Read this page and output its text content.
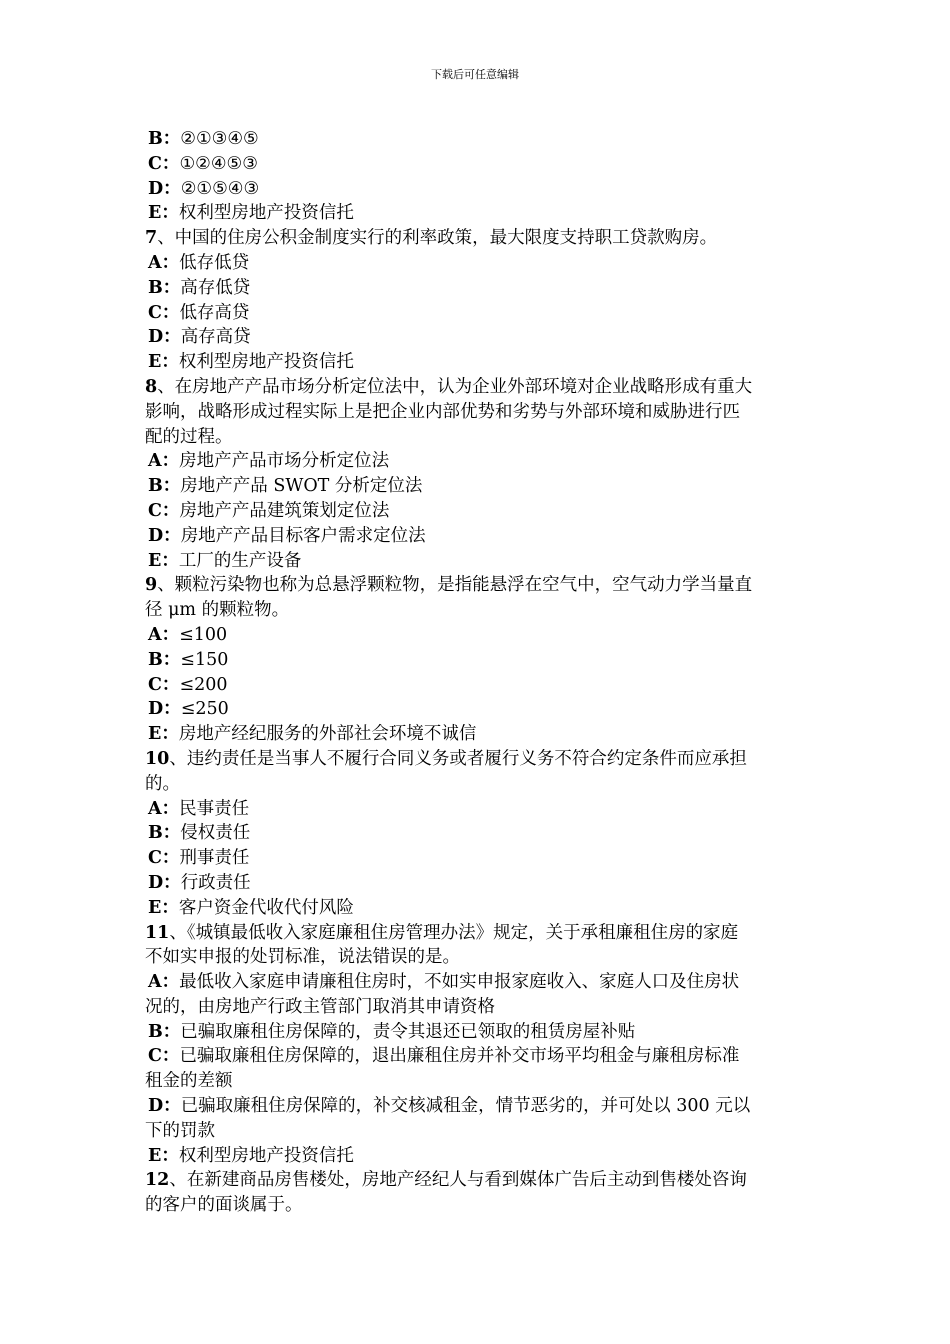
下载后可任意编辑
B：②①③④⑤
C：①②④⑤③
D：②①⑤④③
E：权利型房地产投资信托
7、中国的住房公积金制度实行的利率政策，最大限度支持职工贷款购房。
A：低存低贷
B：高存低贷
C：低存高贷
D：高存高贷
E：权利型房地产投资信托
8、在房地产产品市场分析定位法中，认为企业外部环境对企业战略形成有重大
影响，战略形成过程实际上是把企业内部优势和劣势与外部环境和威胁进行匹
配的过程。
A：房地产产品市场分析定位法
B：房地产产品 SWOT 分析定位法
C：房地产产品建筑策划定位法
D：房地产产品目标客户需求定位法
E：工厂的生产设备
9、颗粒污染物也称为总悬浮颗粒物，是指能悬浮在空气中，空气动力学当量直
径 μm 的颗粒物。
A：≤100
B：≤150
C：≤200
D：≤250
E：房地产经纪服务的外部社会环境不诚信
10、违约责任是当事人不履行合同义务或者履行义务不符合约定条件而应承担
的。
A：民事责任
B：侵权责任
C：刑事责任
D：行政责任
E：客户资金代收代付风险
11、《城镇最低收入家庭廉租住房管理办法》规定，关于承租廉租住房的家庭
不如实申报的处罚标准，说法错误的是。
A：最低收入家庭申请廉租住房时，不如实申报家庭收入、家庭人口及住房状
况的，由房地产行政主管部门取消其申请资格
B：已骗取廉租住房保障的，责令其退还已领取的租赁房屋补贴
C：已骗取廉租住房保障的，退出廉租住房并补交市场平均租金与廉租房标准
租金的差额
D：已骗取廉租住房保障的，补交核减租金，情节恶劣的，并可处以 300 元以
下的罚款
E：权利型房地产投资信托
12、在新建商品房售楼处，房地产经纪人与看到媒体广告后主动到售楼处咨询
的客户的面谈属于。
